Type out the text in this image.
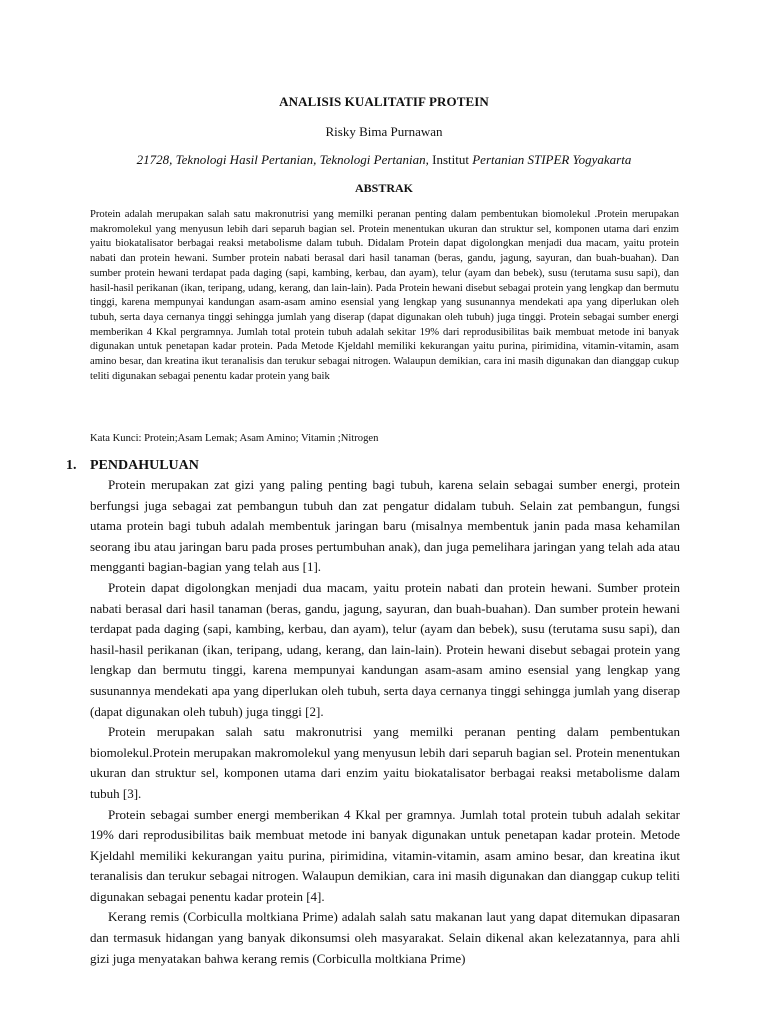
ANALISIS KUALITATIF PROTEIN
Risky Bima Purnawan
21728, Teknologi Hasil Pertanian, Teknologi Pertanian, Institut Pertanian STIPER Yogyakarta
ABSTRAK

Protein adalah merupakan salah satu makronutrisi yang memilki peranan penting dalam pembentukan biomolekul .Protein merupakan makromolekul yang menyusun lebih dari separuh bagian sel. Protein menentukan ukuran dan struktur sel, komponen utama dari enzim yaitu biokatalisator berbagai reaksi metabolisme dalam tubuh. Didalam Protein dapat digolongkan menjadi dua macam, yaitu protein nabati dan protein hewani. Sumber protein nabati berasal dari hasil tanaman (beras, gandu, jagung, sayuran, dan buah-buahan). Dan sumber protein hewani terdapat pada daging (sapi, kambing, kerbau, dan ayam), telur (ayam dan bebek), susu (terutama susu sapi), dan hasil-hasil perikanan (ikan, teripang, udang, kerang, dan lain-lain). Pada Protein hewani disebut sebagai protein yang lengkap dan bermutu tinggi, karena mempunyai kandungan asam-asam amino esensial yang lengkap yang susunannya mendekati apa yang diperlukan oleh tubuh, serta daya cernanya tinggi sehingga jumlah yang diserap (dapat digunakan oleh tubuh) juga tinggi. Protein sebagai sumber energi memberikan 4 Kkal pergramnya. Jumlah total protein tubuh adalah sekitar 19% dari reprodusibilitas baik membuat metode ini banyak digunakan untuk penetapan kadar protein. Pada Metode Kjeldahl memiliki kekurangan yaitu purina, pirimidina, vitamin-vitamin, asam amino besar, dan kreatina ikut teranalisis dan terukur sebagai nitrogen. Walaupun demikian, cara ini masih digunakan dan dianggap cukup teliti digunakan sebagai penentu kadar protein yang baik

Kata Kunci: Protein;Asam Lemak; Asam Amino; Vitamin ;Nitrogen

1. PENDAHULUAN

Protein merupakan zat gizi yang paling penting bagi tubuh, karena selain sebagai sumber energi, protein berfungsi juga sebagai zat pembangun tubuh dan zat pengatur didalam tubuh. Selain zat pembangun, fungsi utama protein bagi tubuh adalah membentuk jaringan baru (misalnya membentuk janin pada masa kehamilan seorang ibu atau jaringan baru pada proses pertumbuhan anak), dan juga pemelihara jaringan yang telah ada atau mengganti bagian-bagian yang telah aus [1].

Protein dapat digolongkan menjadi dua macam, yaitu protein nabati dan protein hewani. Sumber protein nabati berasal dari hasil tanaman (beras, gandu, jagung, sayuran, dan buah-buahan). Dan sumber protein hewani terdapat pada daging (sapi, kambing, kerbau, dan ayam), telur (ayam dan bebek), susu (terutama susu sapi), dan hasil-hasil perikanan (ikan, teripang, udang, kerang, dan lain-lain). Protein hewani disebut sebagai protein yang lengkap dan bermutu tinggi, karena mempunyai kandungan asam-asam amino esensial yang lengkap yang susunannya mendekati apa yang diperlukan oleh tubuh, serta daya cernanya tinggi sehingga jumlah yang diserap (dapat digunakan oleh tubuh) juga tinggi [2].

Protein merupakan salah satu makronutrisi yang memilki peranan penting dalam pembentukan biomolekul.Protein merupakan makromolekul yang menyusun lebih dari separuh bagian sel. Protein menentukan ukuran dan struktur sel, komponen utama dari enzim yaitu biokatalisator berbagai reaksi metabolisme dalam tubuh [3].

Protein sebagai sumber energi memberikan 4 Kkal per gramnya. Jumlah total protein tubuh adalah sekitar 19% dari reprodusibilitas baik membuat metode ini banyak digunakan untuk penetapan kadar protein. Metode Kjeldahl memiliki kekurangan yaitu purina, pirimidina, vitamin-vitamin, asam amino besar, dan kreatina ikut teranalisis dan terukur sebagai nitrogen. Walaupun demikian, cara ini masih digunakan dan dianggap cukup teliti digunakan sebagai penentu kadar protein [4].

Kerang remis (Corbiculla moltkiana Prime) adalah salah satu makanan laut yang dapat ditemukan dipasaran dan termasuk hidangan yang banyak dikonsumsi oleh masyarakat. Selain dikenal akan kelezatannya, para ahli gizi juga menyatakan bahwa kerang remis (Corbiculla moltkiana Prime)
